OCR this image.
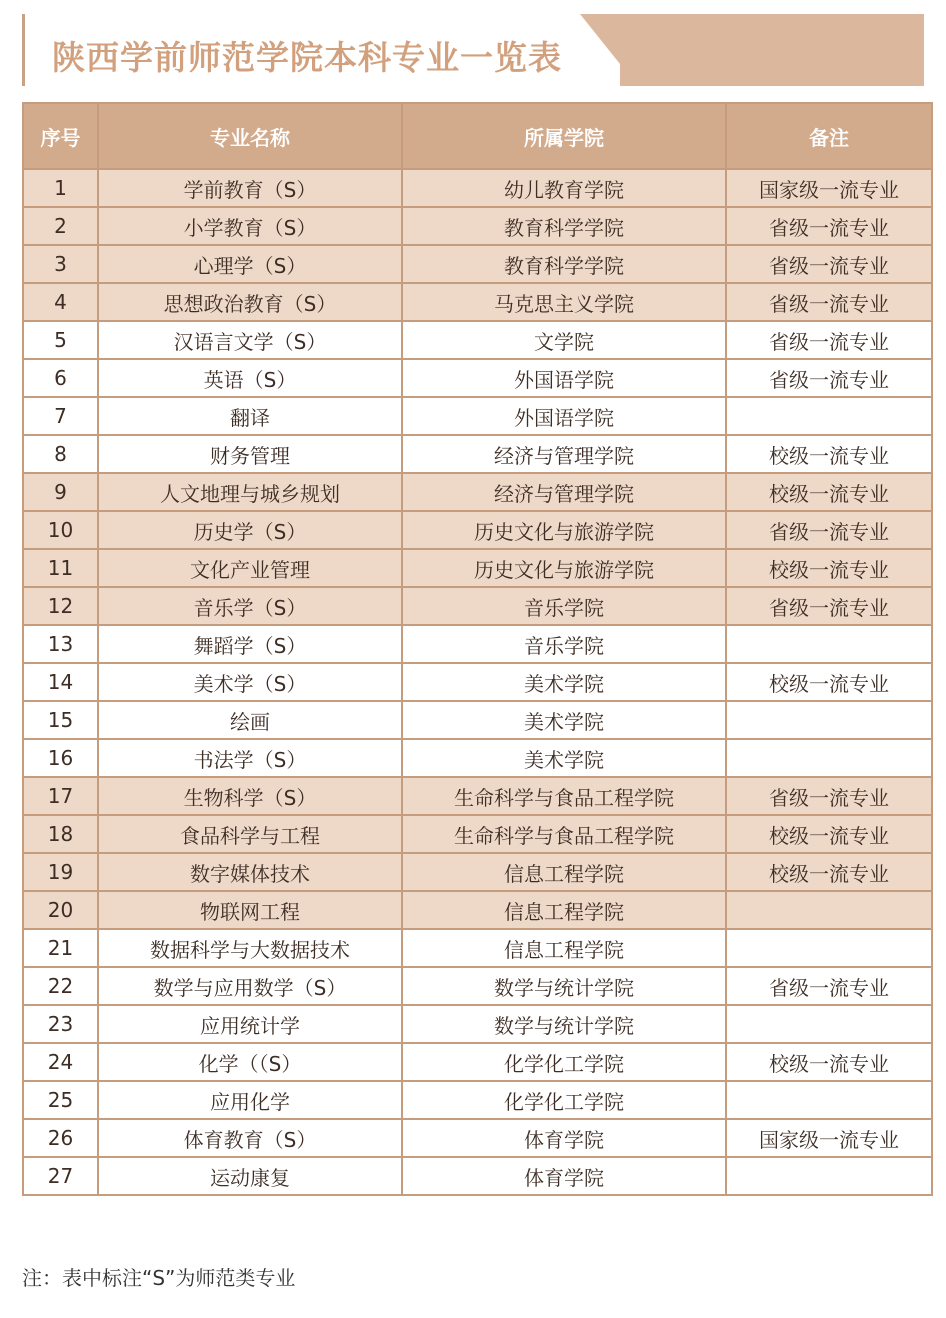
陕西学前师范学院本科专业一览表
序号	专业名称	所属学院	备注
1	学前教育（S）	幼儿教育学院	国家级一流专业
2	小学教育（S）	教育科学学院	省级一流专业
3	心理学（S）	教育科学学院	省级一流专业
4	思想政治教育（S）	马克思主义学院	省级一流专业
5	汉语言文学（S）	文学院	省级一流专业
6	英语（S）	外国语学院	省级一流专业
7	翻译	外国语学院	
8	财务管理	经济与管理学院	校级一流专业
9	人文地理与城乡规划	经济与管理学院	校级一流专业
10	历史学（S）	历史文化与旅游学院	省级一流专业
11	文化产业管理	历史文化与旅游学院	校级一流专业
12	音乐学（S）	音乐学院	省级一流专业
13	舞蹈学（S）	音乐学院	
14	美术学（S）	美术学院	校级一流专业
15	绘画	美术学院	
16	书法学（S）	美术学院	
17	生物科学（S）	生命科学与食品工程学院	省级一流专业
18	食品科学与工程	生命科学与食品工程学院	校级一流专业
19	数字媒体技术	信息工程学院	校级一流专业
20	物联网工程	信息工程学院	
21	数据科学与大数据技术	信息工程学院	
22	数学与应用数学（S）	数学与统计学院	省级一流专业
23	应用统计学	数学与统计学院	
24	化学（（S）	化学化工学院	校级一流专业
25	应用化学	化学化工学院	
26	体育教育（S）	体育学院	国家级一流专业
27	运动康复	体育学院	
注：表中标注“S”为师范类专业
